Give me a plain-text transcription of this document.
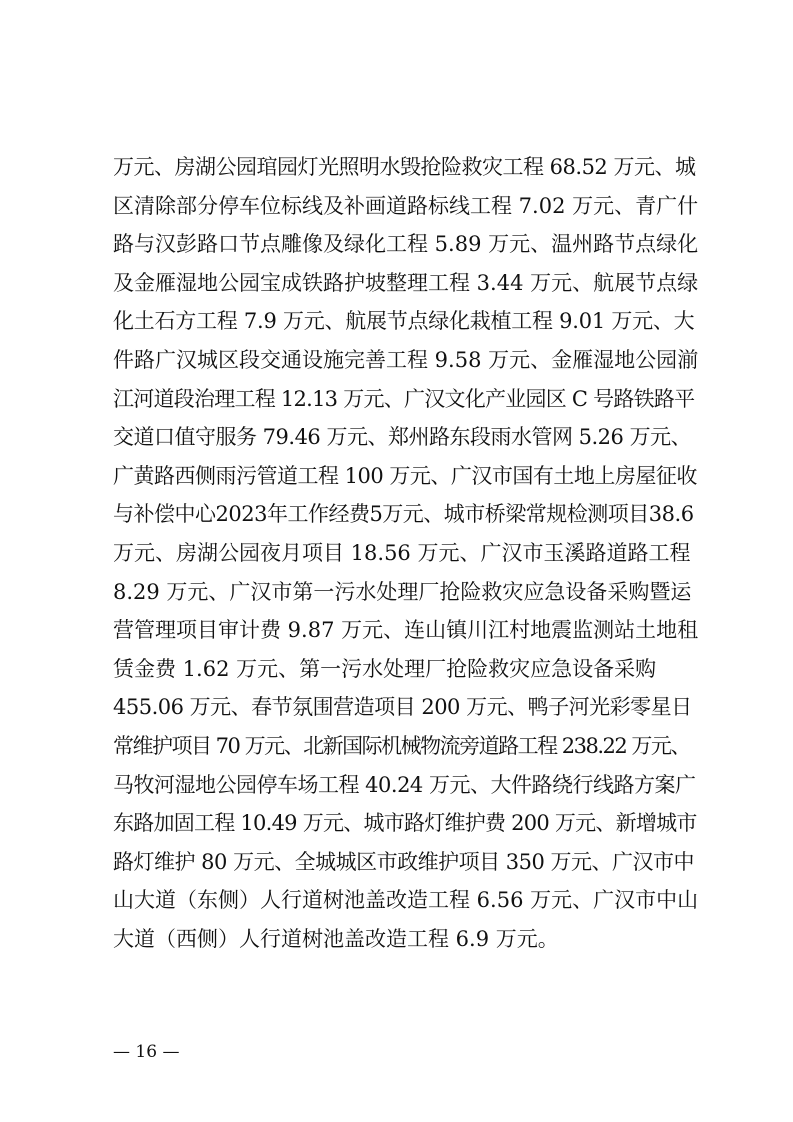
万元、房湖公园琯园灯光照明水毁抢险救灾工程 68.52 万元、城
区清除部分停车位标线及补画道路标线工程 7.02 万元、青广什
路与汉彭路口节点雕像及绿化工程 5.89 万元、温州路节点绿化
及金雁湿地公园宝成铁路护坡整理工程 3.44 万元、航展节点绿
化土石方工程 7.9 万元、航展节点绿化栽植工程 9.01 万元、大
件路广汉城区段交通设施完善工程 9.58 万元、金雁湿地公园湔
江河道段治理工程 12.13 万元、广汉文化产业园区 C 号路铁路平
交道口值守服务 79.46 万元、郑州路东段雨水管网 5.26 万元、
广黄路西侧雨污管道工程 100 万元、广汉市国有土地上房屋征收
与补偿中心2023年工作经费5万元、城市桥梁常规检测项目38.6
万元、房湖公园夜月项目 18.56 万元、广汉市玉溪路道路工程
8.29 万元、广汉市第一污水处理厂抢险救灾应急设备采购暨运
营管理项目审计费 9.87 万元、连山镇川江村地震监测站土地租
赁金费 1.62 万元、第一污水处理厂抢险救灾应急设备采购
455.06 万元、春节氛围营造项目 200 万元、鸭子河光彩零星日
常维护项目 70 万元、北新国际机械物流旁道路工程 238.22 万元、
马牧河湿地公园停车场工程 40.24 万元、大件路绕行线路方案广
东路加固工程 10.49 万元、城市路灯维护费 200 万元、新增城市
路灯维护 80 万元、全城城区市政维护项目 350 万元、广汉市中
山大道（东侧）人行道树池盖改造工程 6.56 万元、广汉市中山
大道（西侧）人行道树池盖改造工程 6.9 万元。
— 16 —
